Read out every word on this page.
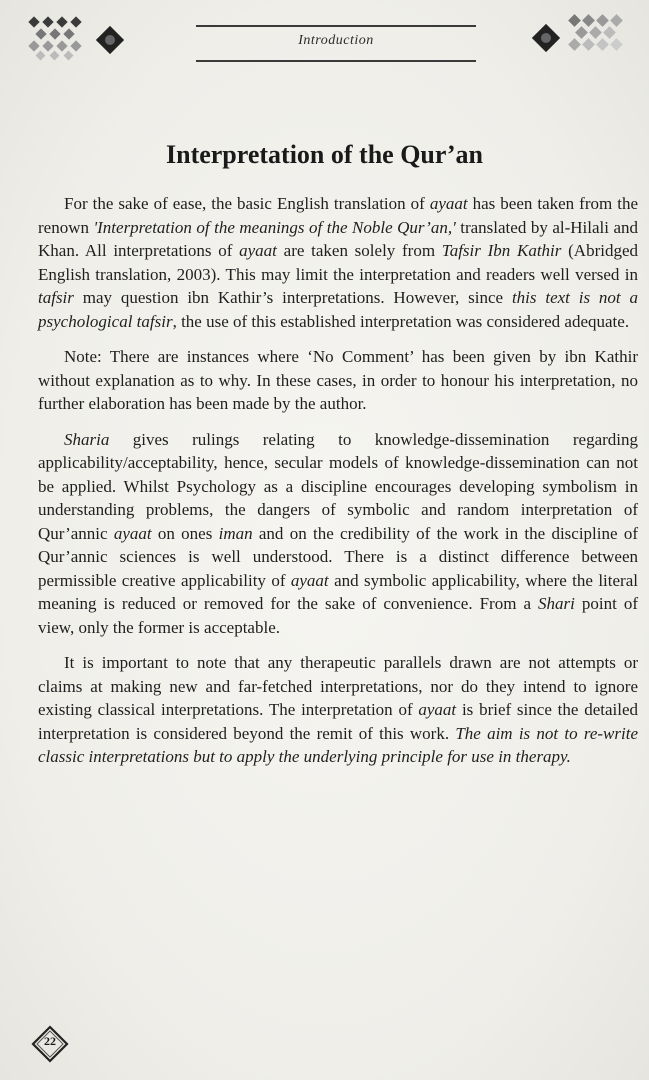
Introduction
Interpretation of the Qur’an

For the sake of ease, the basic English translation of ayaat has been taken from the renown 'Interpretation of the meanings of the Noble Qur’an,' translated by al-Hilali and Khan. All interpretations of ayaat are taken solely from Tafsir Ibn Kathir (Abridged English translation, 2003). This may limit the interpretation and readers well versed in tafsir may question ibn Kathir’s interpretations. However, since this text is not a psychological tafsir, the use of this established interpretation was considered adequate.

Note: There are instances where ‘No Comment’ has been given by ibn Kathir without explanation as to why. In these cases, in order to honour his interpretation, no further elaboration has been made by the author.

Sharia gives rulings relating to knowledge-dissemination regarding applicability/acceptability, hence, secular models of knowledge-dissemination can not be applied. Whilst Psychology as a discipline encourages developing symbolism in understanding problems, the dangers of symbolic and random interpretation of Qur’annic ayaat on ones iman and on the credibility of the work in the discipline of Qur’annic sciences is well understood. There is a distinct difference between permissible creative applicability of ayaat and symbolic applicability, where the literal meaning is reduced or removed for the sake of convenience. From a Shari point of view, only the former is acceptable.

It is important to note that any therapeutic parallels drawn are not attempts or claims at making new and far-fetched interpretations, nor do they intend to ignore existing classical interpretations. The interpretation of ayaat is brief since the detailed interpretation is considered beyond the remit of this work. The aim is not to re-write classic interpretations but to apply the underlying principle for use in therapy.

22
